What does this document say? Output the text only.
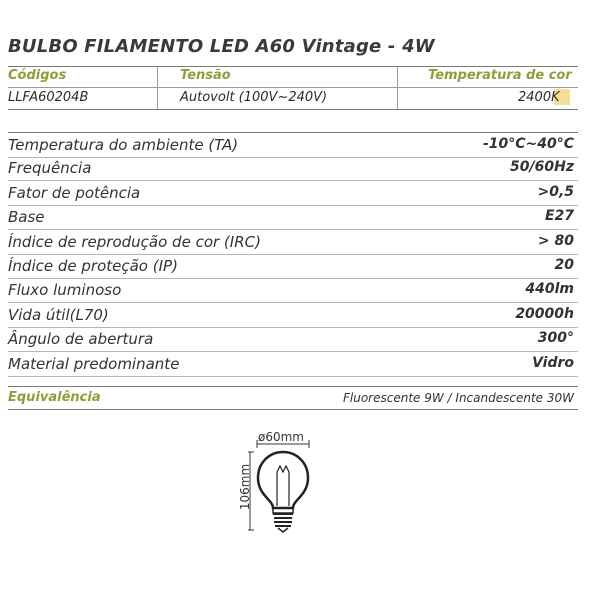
BULBO FILAMENTO LED A60 Vintage - 4W
Códigos	Tensão	Temperatura de cor
LLFA60204B	Autovolt (100V~240V)	2400K
Temperatura do ambiente (TA)	-10°C~40°C
Frequência	50/60Hz
Fator de potência	>0,5
Base	E27
Índice de reprodução de cor (IRC)	> 80
Índice de proteção (IP)	20
Fluxo luminoso	440lm
Vida útil(L70)	20000h
Ângulo de abertura	300°
Material predominante	Vidro
Equivalência	Fluorescente 9W / Incandescente 30W
ø60mm
106mm
